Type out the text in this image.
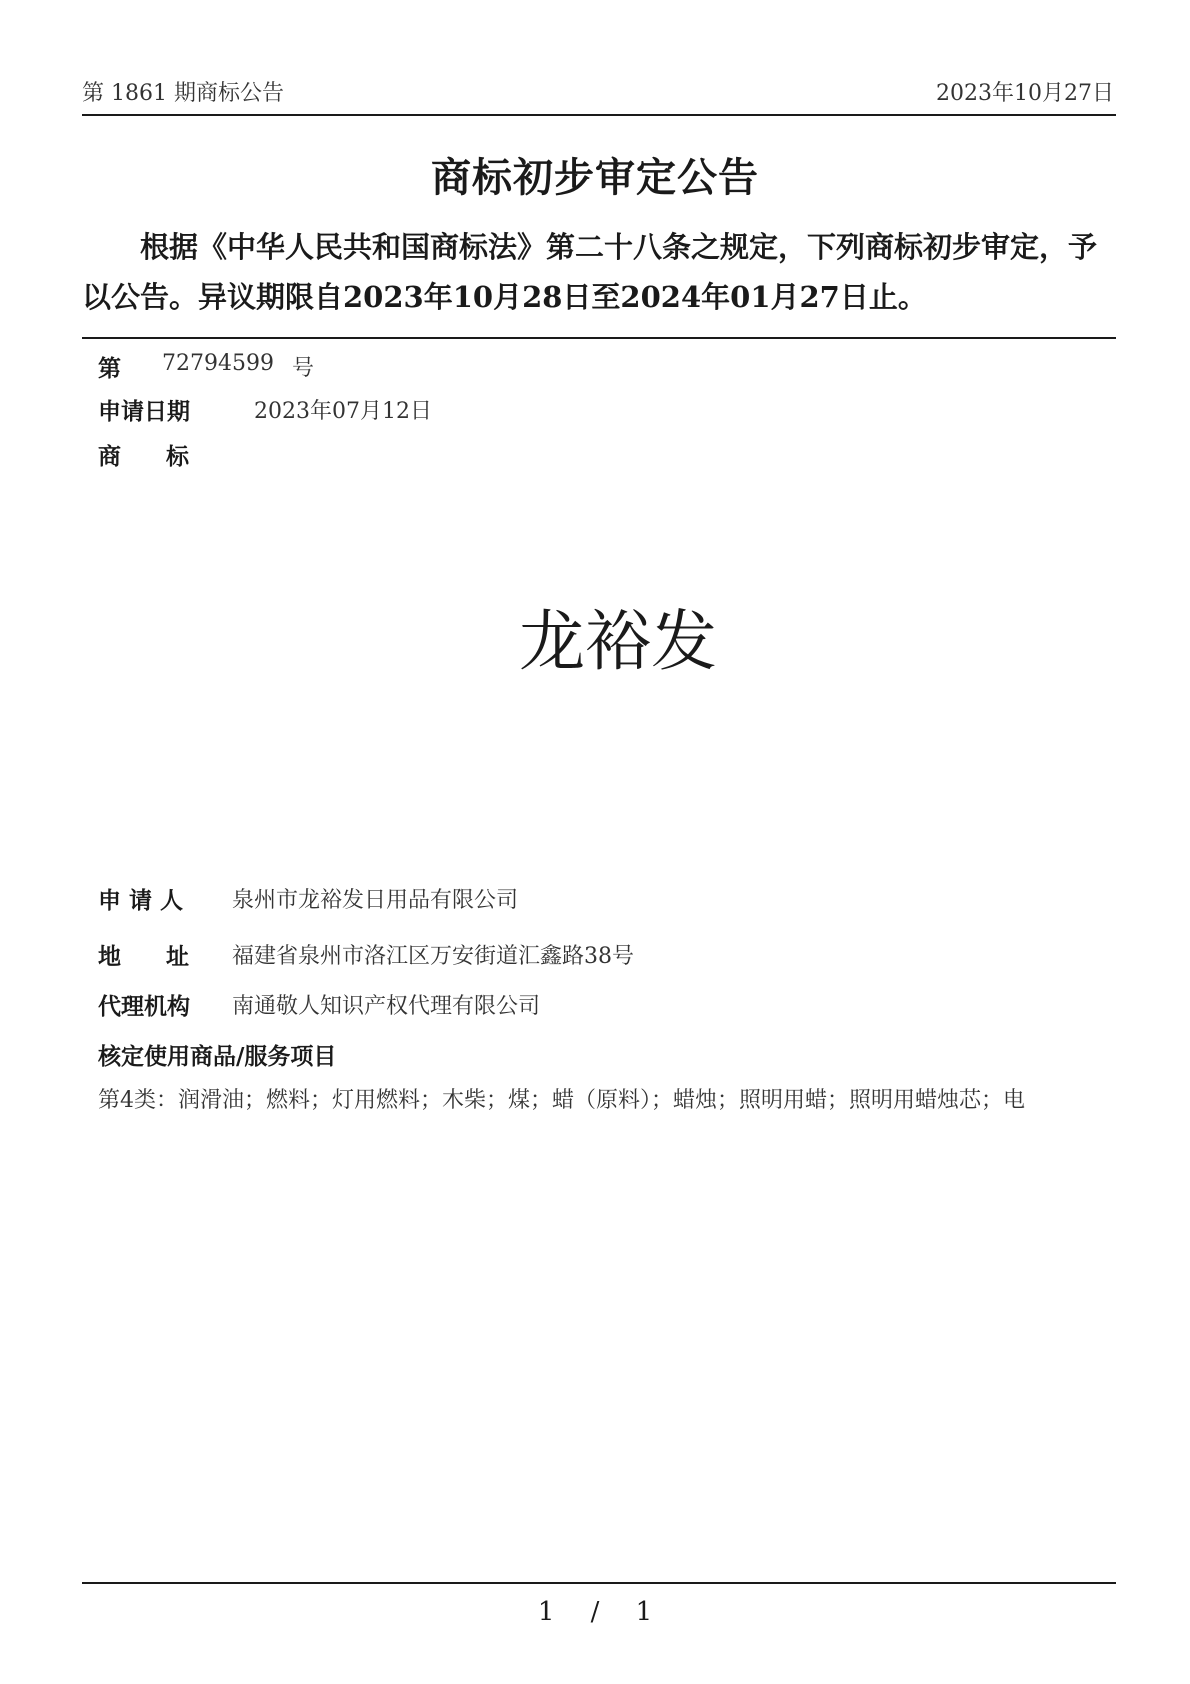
第 1861 期商标公告	2023年10月27日
商标初步审定公告
根据《中华人民共和国商标法》第二十八条之规定，下列商标初步审定，予以公告。异议期限自2023年10月28日至2024年01月27日止。
第 72794599 号
申请日期	2023年07月12日
商 标
龙裕发
申 请 人 泉州市龙裕发日用品有限公司
地 址 福建省泉州市洛江区万安街道汇鑫路38号
代理机构 南通敬人知识产权代理有限公司
核定使用商品/服务项目
第4类：润滑油；燃料；灯用燃料；木柴；煤；蜡（原料）；蜡烛；照明用蜡；照明用蜡烛芯；电
1 / 1
